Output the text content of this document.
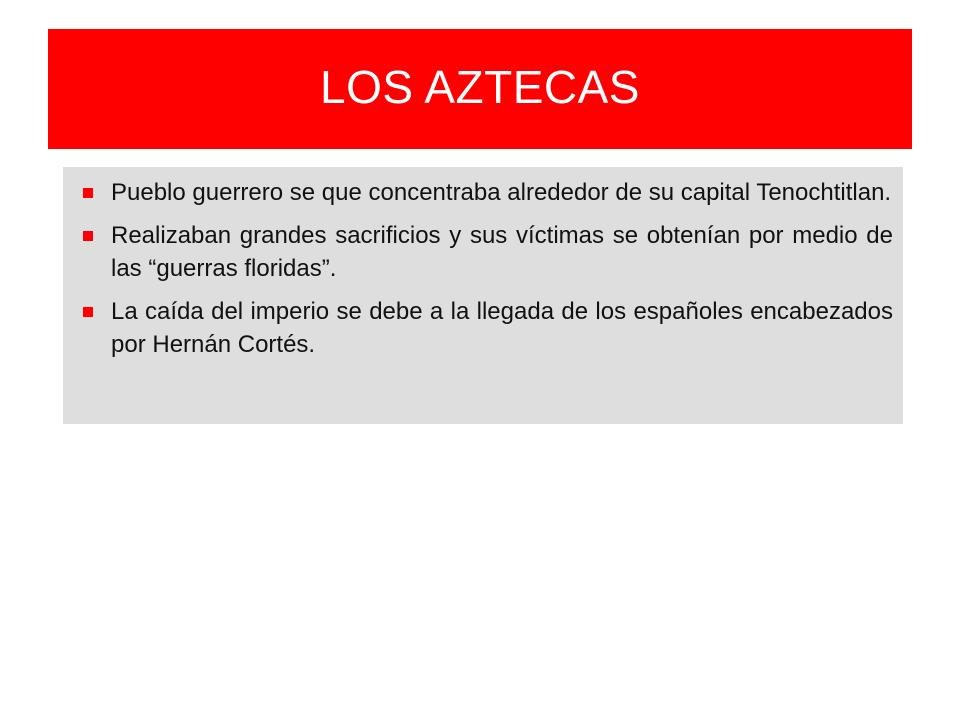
LOS AZTECAS
Pueblo guerrero se que concentraba alrededor de su capital Tenochtitlan.
Realizaban grandes sacrificios y sus víctimas se obtenían por medio de las “guerras floridas”.
La caída del imperio se debe a la llegada de los españoles encabezados por Hernán Cortés.
